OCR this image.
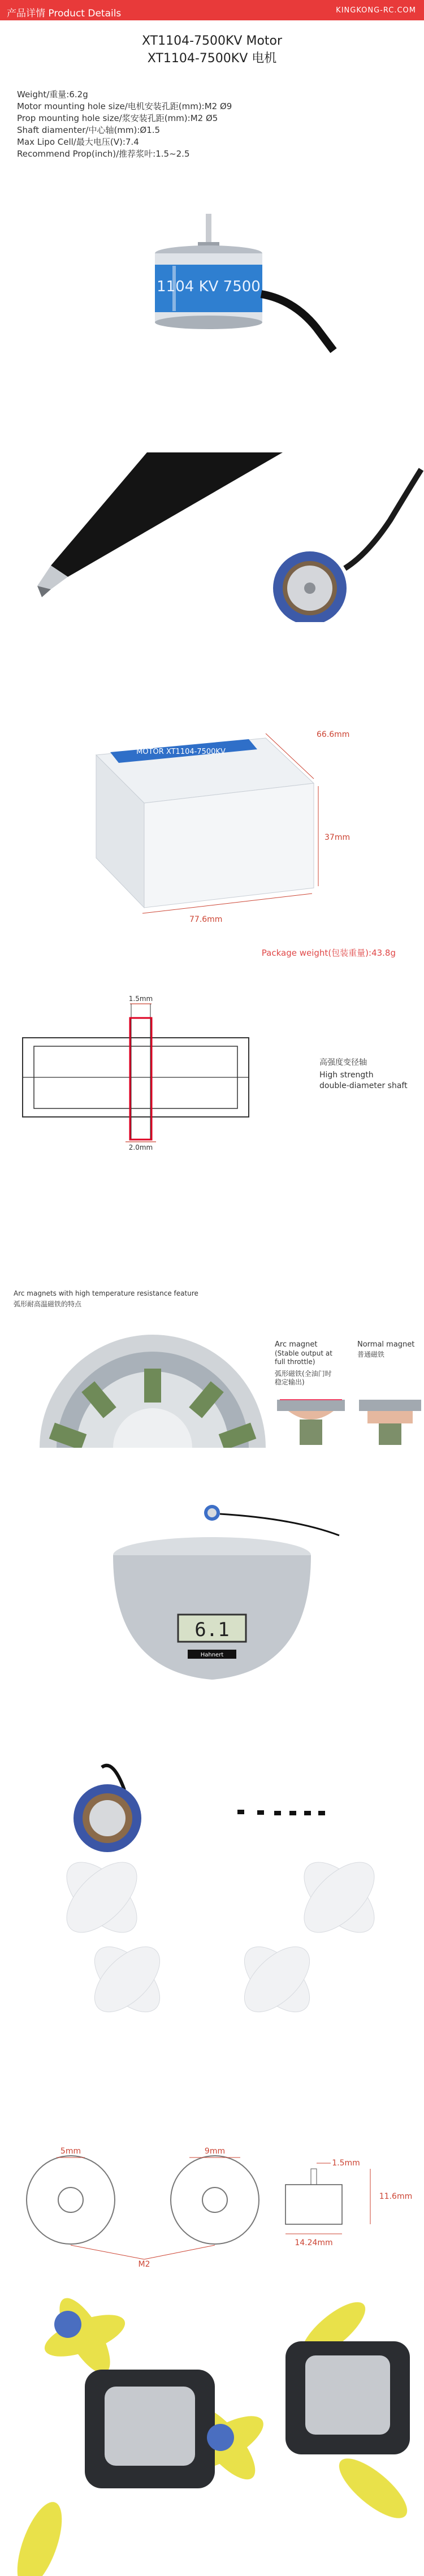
产品详情 Product Details	KINGKONG-RC.COM
XT1104-7500KV Motor
XT1104-7500KV 电机
Weight/重量:6.2g
Motor mounting hole size/电机安装孔距(mm):M2 Ø9
Prop mounting hole size/浆安装孔距(mm):M2 Ø5
Shaft diamenter/中心轴(mm):Ø1.5
Max Lipo Cell/最大电压(V):7.4
Recommend Prop(inch)/推荐浆叶:1.5~2.5
1104 KV 7500
MOTOR XT1104-7500KV
66.6mm
37mm
77.6mm
Package weight(包装重量):43.8g
1.5mm
2.0mm
高强度变径轴
High strength
double-diameter shaft
Arc magnets with high temperature resistance feature
弧形耐高温磁铁的特点
Arc magnet
(Stable output at
full throttle)
弧形磁铁(全油门时
稳定输出)
Normal magnet
普通磁铁
6.1
Hahnert
5mm	9mm
M2
1.5mm
11.6mm
14.24mm
